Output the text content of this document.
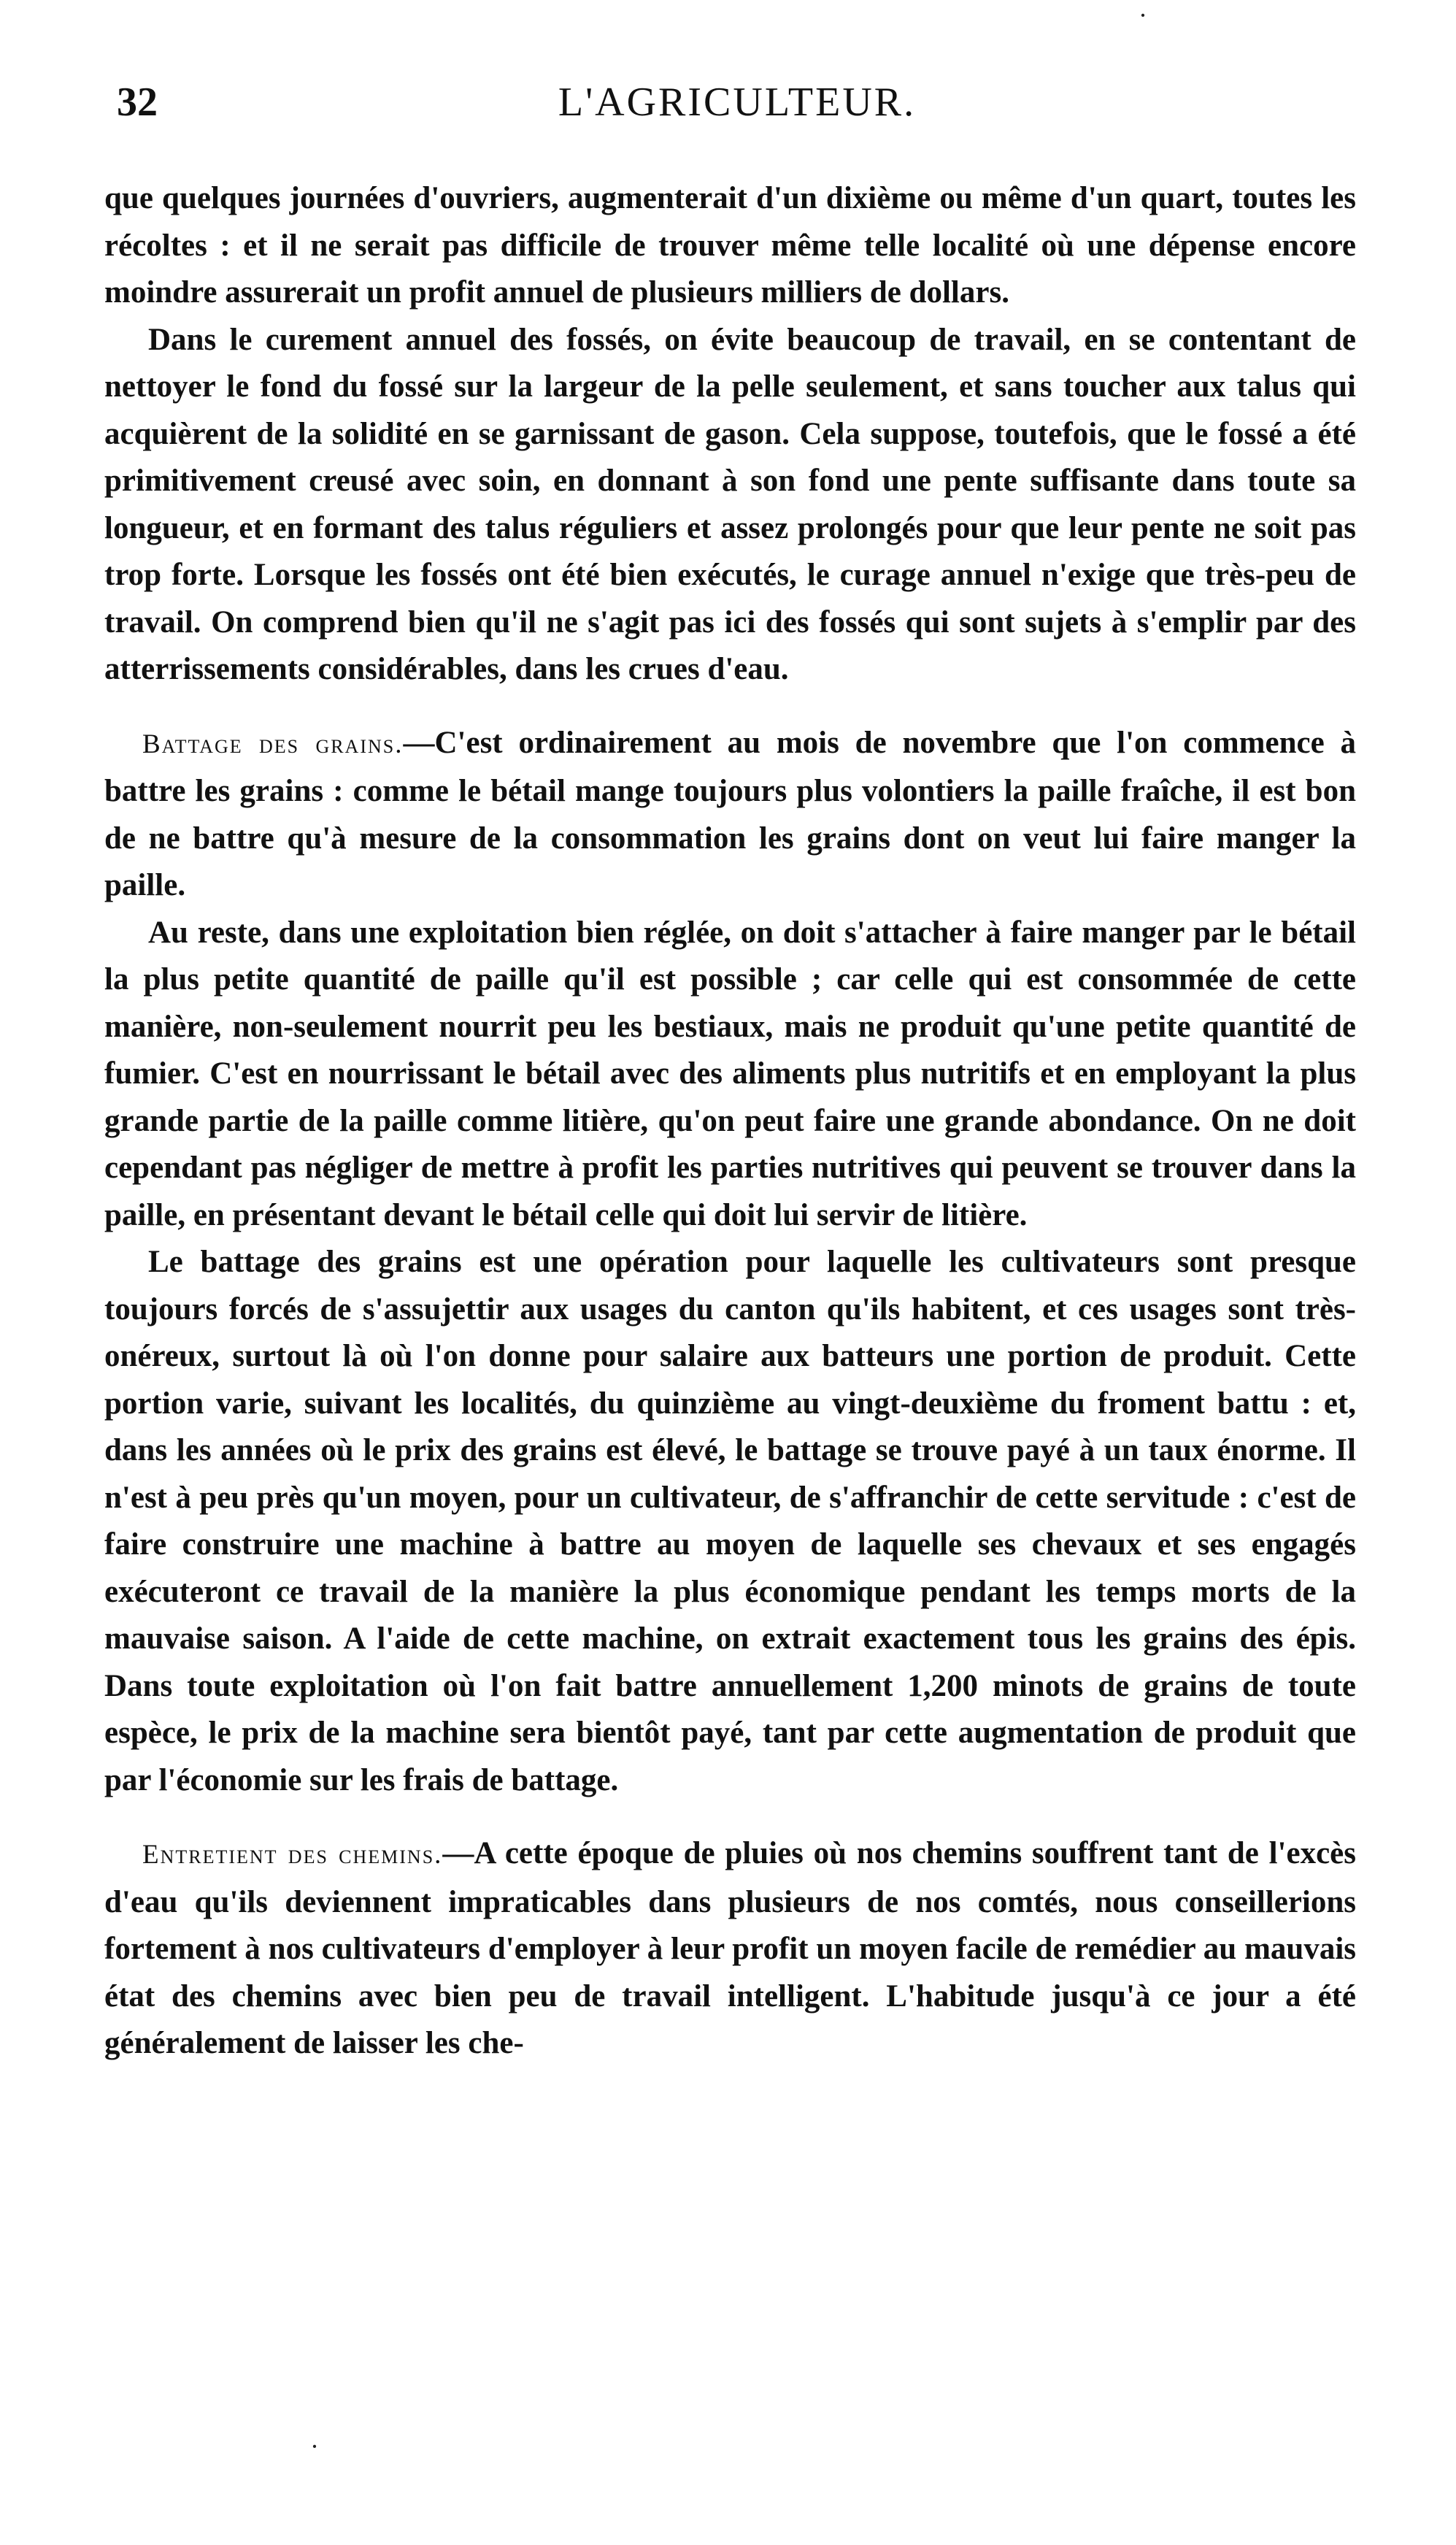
32	L'AGRICULTEUR.

que quelques journées d'ouvriers, augmenterait d'un dixième ou même d'un quart, toutes les récoltes : et il ne serait pas difficile de trouver même telle localité où une dépense encore moindre assurerait un profit annuel de plusieurs milliers de dollars.

Dans le curement annuel des fossés, on évite beaucoup de travail, en se contentant de nettoyer le fond du fossé sur la largeur de la pelle seulement, et sans toucher aux talus qui acquièrent de la solidité en se garnissant de gason. Cela suppose, toutefois, que le fossé a été primitivement creusé avec soin, en donnant à son fond une pente suffisante dans toute sa longueur, et en formant des talus réguliers et assez prolongés pour que leur pente ne soit pas trop forte. Lorsque les fossés ont été bien exécutés, le curage annuel n'exige que très-peu de travail. On comprend bien qu'il ne s'agit pas ici des fossés qui sont sujets à s'emplir par des atterrissements considérables, dans les crues d'eau.

Battage des grains.—C'est ordinairement au mois de novembre que l'on commence à battre les grains : comme le bétail mange toujours plus volontiers la paille fraîche, il est bon de ne battre qu'à mesure de la consommation les grains dont on veut lui faire manger la paille.

Au reste, dans une exploitation bien réglée, on doit s'attacher à faire manger par le bétail la plus petite quantité de paille qu'il est possible ; car celle qui est consommée de cette manière, non-seulement nourrit peu les bestiaux, mais ne produit qu'une petite quantité de fumier. C'est en nourrissant le bétail avec des aliments plus nutritifs et en employant la plus grande partie de la paille comme litière, qu'on peut faire une grande abondance. On ne doit cependant pas négliger de mettre à profit les parties nutritives qui peuvent se trouver dans la paille, en présentant devant le bétail celle qui doit lui servir de litière.

Le battage des grains est une opération pour laquelle les cultivateurs sont presque toujours forcés de s'assujettir aux usages du canton qu'ils habitent, et ces usages sont très-onéreux, surtout là où l'on donne pour salaire aux batteurs une portion de produit. Cette portion varie, suivant les localités, du quinzième au vingt-deuxième du froment battu : et, dans les années où le prix des grains est élevé, le battage se trouve payé à un taux énorme. Il n'est à peu près qu'un moyen, pour un cultivateur, de s'affranchir de cette servitude : c'est de faire construire une machine à battre au moyen de laquelle ses chevaux et ses engagés exécuteront ce travail de la manière la plus économique pendant les temps morts de la mauvaise saison. A l'aide de cette machine, on extrait exactement tous les grains des épis. Dans toute exploitation où l'on fait battre annuellement 1,200 minots de grains de toute espèce, le prix de la machine sera bientôt payé, tant par cette augmentation de produit que par l'économie sur les frais de battage.

Entretient des chemins.—A cette époque de pluies où nos chemins souffrent tant de l'excès d'eau qu'ils deviennent impraticables dans plusieurs de nos comtés, nous conseillerions fortement à nos cultivateurs d'employer à leur profit un moyen facile de remédier au mauvais état des chemins avec bien peu de travail intelligent. L'habitude jusqu'à ce jour a été généralement de laisser les che-

·
·
